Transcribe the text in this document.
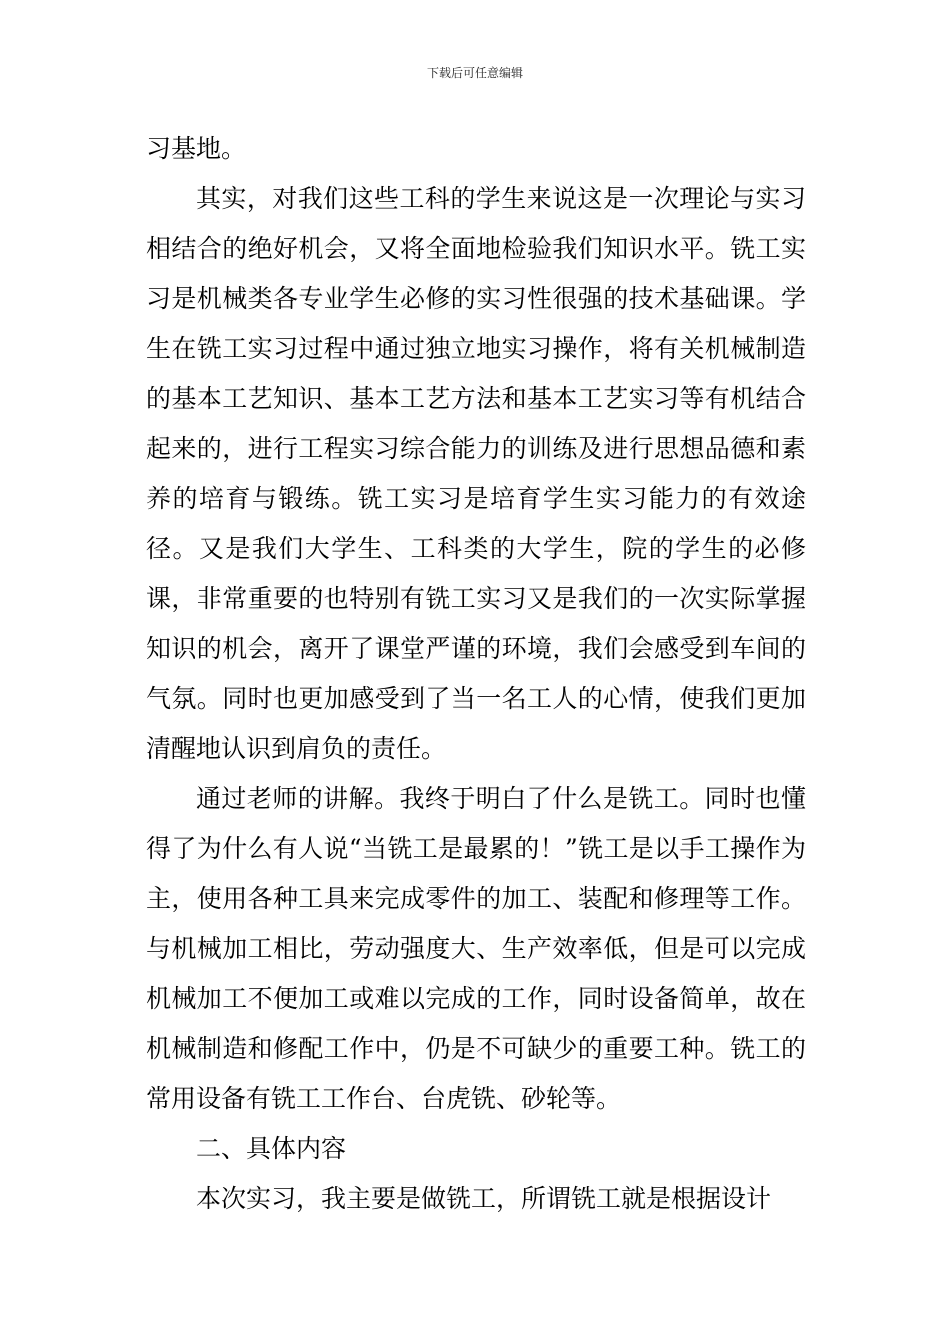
下载后可任意编辑

习基地。

其实，对我们这些工科的学生来说这是一次理论与实习相结合的绝好机会，又将全面地检验我们知识水平。铣工实习是机械类各专业学生必修的实习性很强的技术基础课。学生在铣工实习过程中通过独立地实习操作，将有关机械制造的基本工艺知识、基本工艺方法和基本工艺实习等有机结合起来的，进行工程实习综合能力的训练及进行思想品德和素养的培育与锻练。铣工实习是培育学生实习能力的有效途径。又是我们大学生、工科类的大学生，院的学生的必修课，非常重要的也特别有铣工实习又是我们的一次实际掌握知识的机会，离开了课堂严谨的环境，我们会感受到车间的气氛。同时也更加感受到了当一名工人的心情，使我们更加清醒地认识到肩负的责任。

通过老师的讲解。我终于明白了什么是铣工。同时也懂得了为什么有人说“当铣工是最累的！”铣工是以手工操作为主，使用各种工具来完成零件的加工、装配和修理等工作。与机械加工相比，劳动强度大、生产效率低，但是可以完成机械加工不便加工或难以完成的工作，同时设备简单，故在机械制造和修配工作中，仍是不可缺少的重要工种。铣工的常用设备有铣工工作台、台虎铣、砂轮等。

二、具体内容

本次实习，我主要是做铣工，所谓铣工就是根据设计
